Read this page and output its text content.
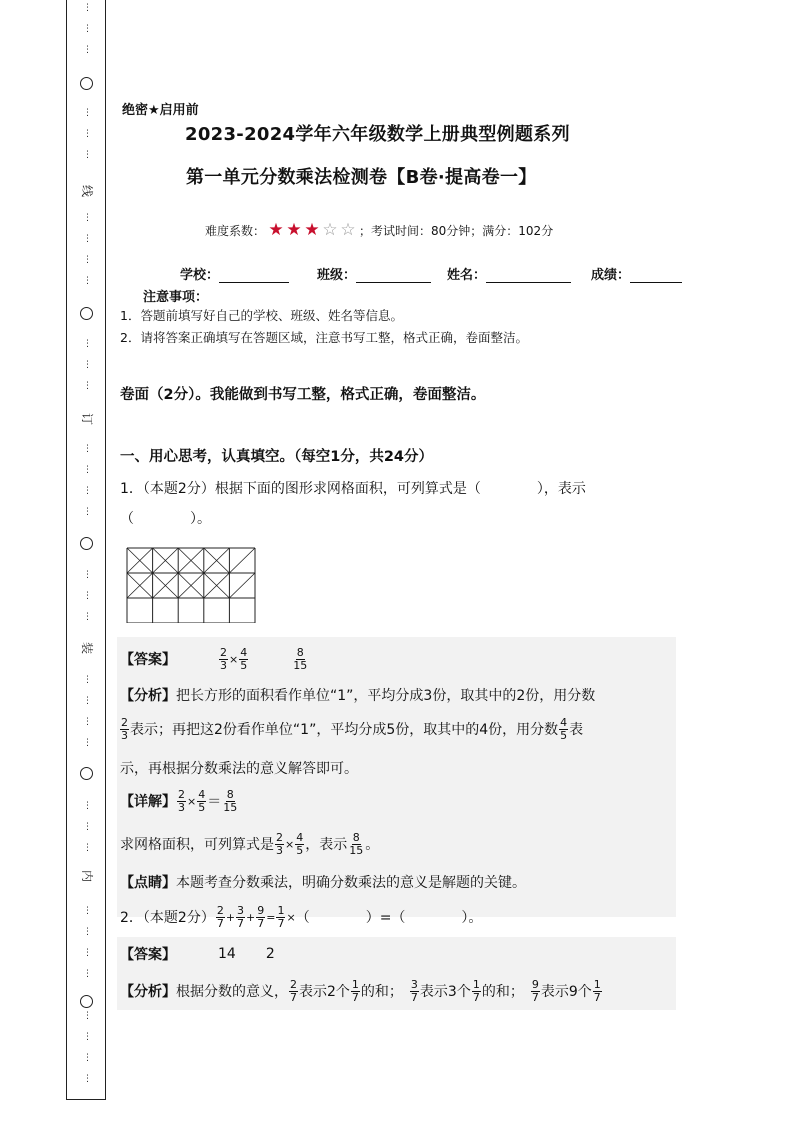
⋮
⋮
⋮
⋮
⋮
⋮
⋮
⋮
⋮
⋮
⋮
⋮
⋮
⋮
⋮
⋮
⋮
⋮
⋮
⋮
⋮
⋮
⋮
⋮
⋮
⋮
⋮
⋮
⋮
⋮
⋮
⋮
⋮
⋮
⋮
线
订
装
内
绝密★启用前
2023-2024学年六年级数学上册典型例题系列
第一单元分数乘法检测卷【B卷·提高卷一】
难度系数： ★ ★ ★ ☆ ☆ ；考试时间：80分钟；满分：102分
学校：	班级：	姓名：	成绩：
注意事项：
1．答题前填写好自己的学校、班级、姓名等信息。
2．请将答案正确填写在答题区域，注意书写工整，格式正确，卷面整洁。
卷面（2分）。我能做到书写工整，格式正确，卷面整洁。
一、用心思考，认真填空。（每空1分，共24分）
1．（本题2分）根据下面的图形求网格面积，可列算式是（　　　　），表示
（　　　　）。
【答案】	$\frac{2}{3} \times \frac{4}{5}$	$\frac{8}{15}$
【分析】 把长方形的面积看作单位“1”，平均分成3份，取其中的2份，用分数
$\frac{2}{3}$ 表示；再把这2份看作单位“1”，平均分成5份，取其中的4份，用分数 $\frac{4}{5}$ 表
示，再根据分数乘法的意义解答即可。
【详解】 $\frac{2}{3} \times \frac{4}{5} = \frac{8}{15}$
求网格面积，可列算式是 $\frac{2}{3} \times \frac{4}{5}$ ，表示 $\frac{8}{15}$ 。
【点睛】 本题考查分数乘法，明确分数乘法的意义是解题的关键。
2．（本题2分） $\frac{2}{7} + \frac{3}{7} + \frac{9}{7} = \frac{1}{7}$ × （　　　　）=（　　　　）。
【答案】	14 2
【分析】 根据分数的意义， $\frac{2}{7}$ 表示2个 $\frac{1}{7}$ 的和； $\frac{3}{7}$ 表示3个 $\frac{1}{7}$ 的和； $\frac{9}{7}$ 表示9个 $\frac{1}{7}$
